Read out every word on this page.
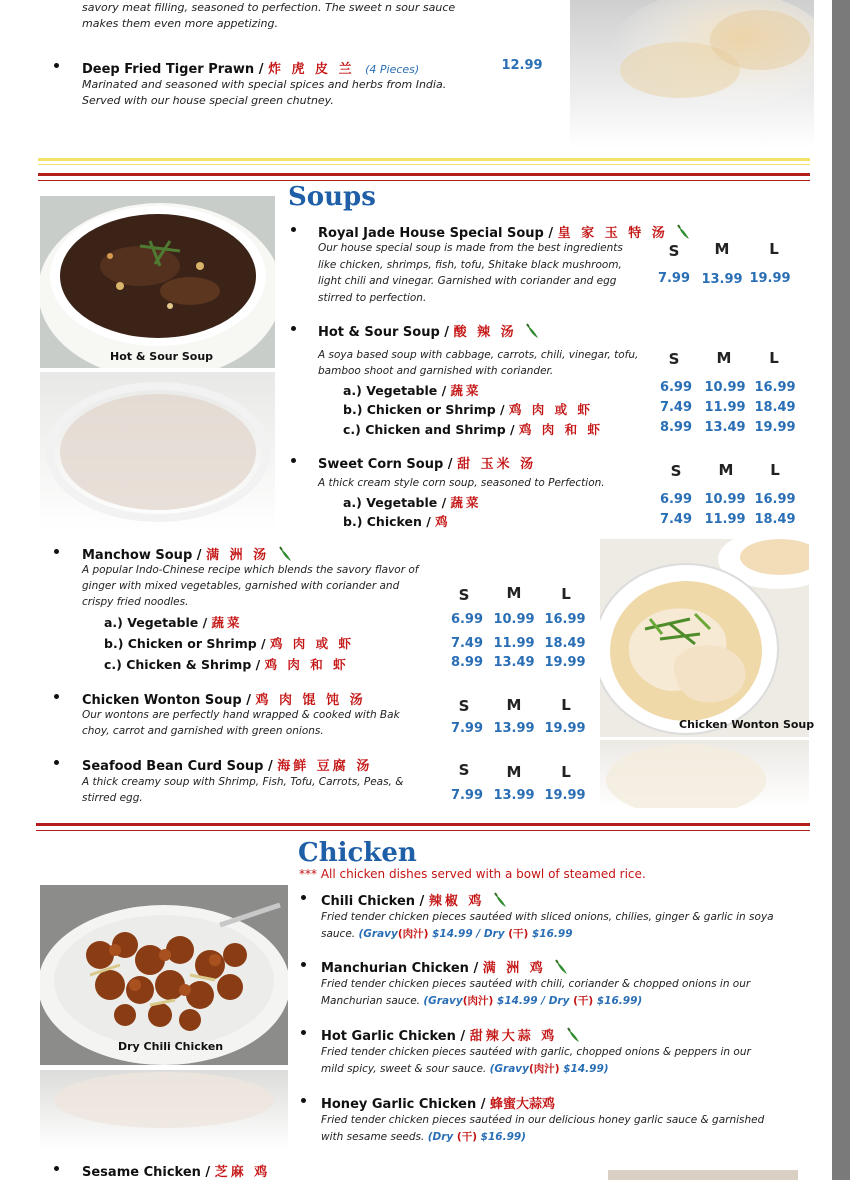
savory meat filling, seasoned to perfection. The sweet n sour sauce
makes them even more appetizing.
Deep Fried Tiger Prawn / 炸 虎 皮 兰 (4 Pieces)	12.99
Marinated and seasoned with special spices and herbs from India.
Served with our house special green chutney.
Soups
Hot & Sour Soup
Royal Jade House Special Soup / 皇 家 玉 特 汤
Our house special soup is made from the best ingredients
like chicken, shrimps, fish, tofu, Shitake black mushroom,
light chili and vinegar. Garnished with coriander and egg
stirred to perfection.
S	M	L
7.99 13.99 19.99
Hot & Sour Soup / 酸 辣 汤
A soya based soup with cabbage, carrots, chili, vinegar, tofu,
bamboo shoot and garnished with coriander.
S	M	L
a.) Vegetable / 蔬菜	6.99 10.99 16.99
b.) Chicken or Shrimp / 鸡 肉 或 虾	7.49 11.99 18.49
c.) Chicken and Shrimp / 鸡 肉 和 虾	8.99 13.49 19.99
Sweet Corn Soup / 甜 玉米 汤
A thick cream style corn soup, seasoned to Perfection.
S	M	L
a.) Vegetable / 蔬菜	6.99 10.99 16.99
b.) Chicken / 鸡	7.49 11.99 18.49
Manchow Soup / 满 洲 汤
A popular Indo-Chinese recipe which blends the savory flavor of
ginger with mixed vegetables, garnished with coriander and
crispy fried noodles.	S	M	L
a.) Vegetable / 蔬菜	6.99 10.99 16.99
b.) Chicken or Shrimp / 鸡 肉 或 虾	7.49 11.99 18.49
c.) Chicken & Shrimp / 鸡 肉 和 虾	8.99 13.49 19.99
Chicken Wonton Soup / 鸡 肉 馄 饨 汤
Our wontons are perfectly hand wrapped & cooked with Bak
choy, carrot and garnished with green onions.
S	M	L
7.99 13.99 19.99	Chicken Wonton Soup
Seafood Bean Curd Soup / 海鲜 豆腐 汤
A thick creamy soup with Shrimp, Fish, Tofu, Carrots, Peas, &
stirred egg.
S	M	L
7.99 13.99 19.99
Chicken
*** All chicken dishes served with a bowl of steamed rice.
Dry Chili Chicken
Chili Chicken / 辣椒 鸡
Fried tender chicken pieces sautéed with sliced onions, chilies, ginger & garlic in soya
sauce. (Gravy(肉汁) $14.99 / Dry (干) $16.99
Manchurian Chicken / 满 洲 鸡
Fried tender chicken pieces sautéed with chili, coriander & chopped onions in our
Manchurian sauce. (Gravy(肉汁) $14.99 / Dry (干) $16.99)
Hot Garlic Chicken / 甜辣大蒜 鸡
Fried tender chicken pieces sautéed with garlic, chopped onions & peppers in our
mild spicy, sweet & sour sauce. (Gravy(肉汁) $14.99)
Honey Garlic Chicken / 蜂蜜大蒜鸡
Fried tender chicken pieces sautéed in our delicious honey garlic sauce & garnished
with sesame seeds. (Dry (干) $16.99)
Sesame Chicken / 芝麻 鸡
